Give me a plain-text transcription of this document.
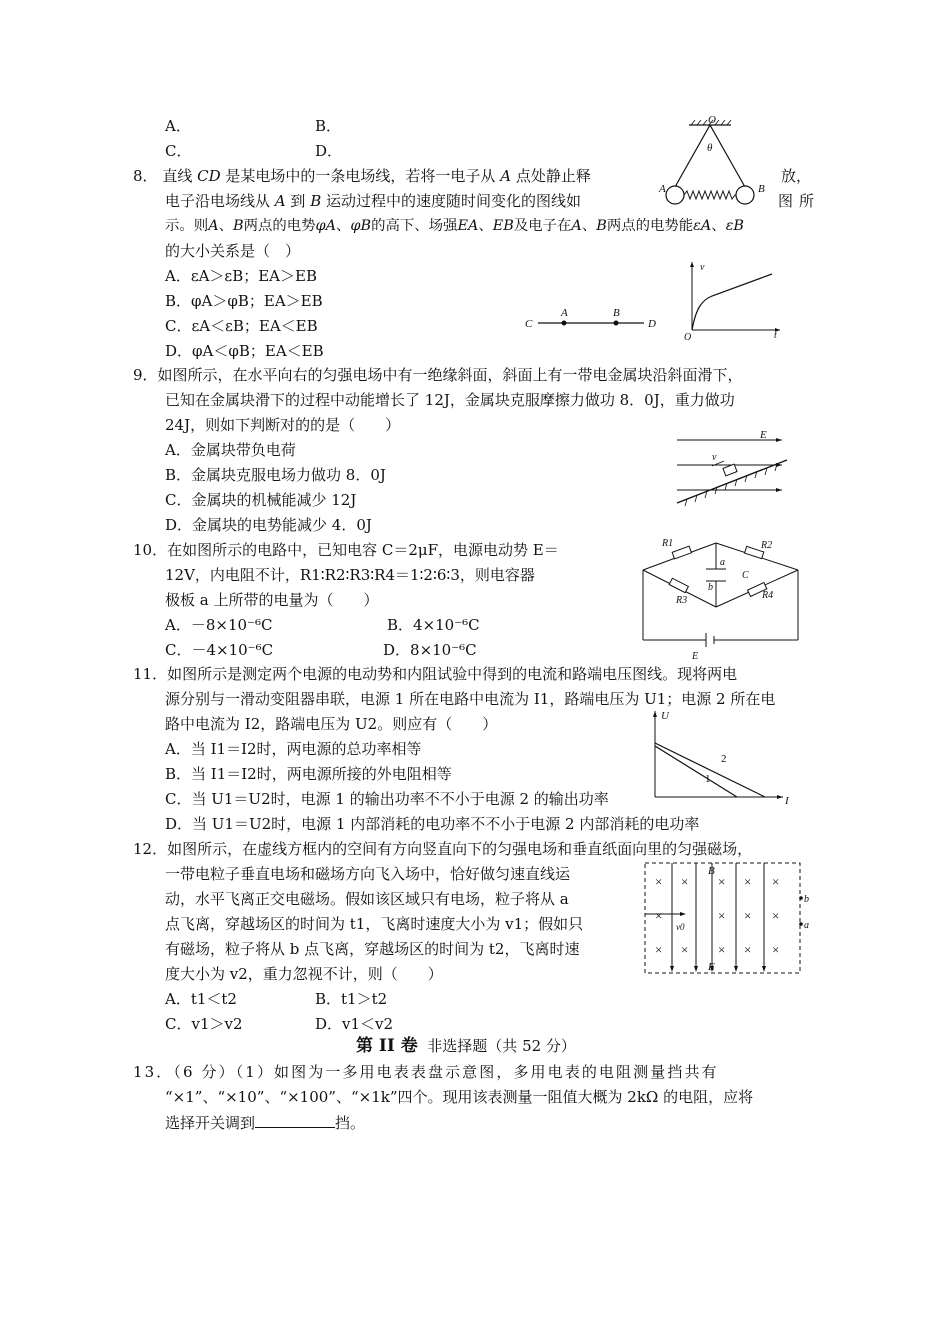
A．	B．
C．	D．
O
θ
A	B
8． 直线 CD 是某电场中的一条电场线，若将一电子从 A 点处静止释	放，
电子沿电场线从 A 到 B 运动过程中的速度随时间变化的图线如	图所
示。则A、B两点的电势φA、φB的高下、场强EA、EB及电子在A、B两点的电势能εA、εB
的大小关系是（　）
A．εA＞εB；EA＞EB
B．φA＞φB；EA＞EB
C．εA＜εB；EA＜EB
D．φA＜φB；EA＜EB
C
A	B
D
v
O	t
9．如图所示，在水平向右的匀强电场中有一绝缘斜面，斜面上有一带电金属块沿斜面滑下，
已知在金属块滑下的过程中动能增长了 12J，金属块克服摩擦力做功 8．0J，重力做功
24J，则如下判断对的的是（　　）
A．金属块带负电荷
B．金属块克服电场力做功 8．0J
C．金属块的机械能减少 12J
D．金属块的电势能减少 4．0J
v
E
10．在如图所示的电路中，已知电容 C＝2μF，电源电动势 E＝
12V，内电阻不计，R1∶R2∶R3∶R4＝1∶2∶6∶3，则电容器
极板 a 上所带的电量为（　　）
A．－8×10⁻⁶C	B．4×10⁻⁶C
C．－4×10⁻⁶C	D．8×10⁻⁶C
R1	R2
R3	R4
a
b
C
E
11．如图所示是测定两个电源的电动势和内阻试验中得到的电流和路端电压图线。现将两电
源分别与一滑动变阻器串联，电源 1 所在电路中电流为 I1，路端电压为 U1；电源 2 所在电
路中电流为 I2，路端电压为 U2。则应有（　　）
A．当 I1＝I2时，两电源的总功率相等
B．当 I1＝I2时，两电源所接的外电阻相等
C．当 U1＝U2时，电源 1 的输出功率不不小于电源 2 的输出功率
D．当 U1＝U2时，电源 1 内部消耗的电功率不不小于电源 2 内部消耗的电功率
U
I
2
1
12．如图所示，在虚线方框内的空间有方向竖直向下的匀强电场和垂直纸面向里的匀强磁场，
一带电粒子垂直电场和磁场方向飞入场中，恰好做匀速直线运
动，水平飞离正交电磁场。假如该区域只有电场，粒子将从 a
点飞离，穿越场区的时间为 t1，飞离时速度大小为 v1；假如只
有磁场，粒子将从 b 点飞离，穿越场区的时间为 t2，飞离时速
度大小为 v2，重力忽视不计，则（　　）
A．t1＜t2	B．t1＞t2
C．v1＞v2	D．v1＜v2
v0
B
E
b
a
× × × × ×
×	× ×
×
× × × × ×
第 II 卷 非选择题（共 52 分）
13．（6 分）（1）如图为一多用电表表盘示意图，多用电表的电阻测量挡共有
“×1”、“×10”、“×100”、“×1k”四个。现用该表测量一阻值大概为 2kΩ 的电阻，应将
选择开关调到	挡。
